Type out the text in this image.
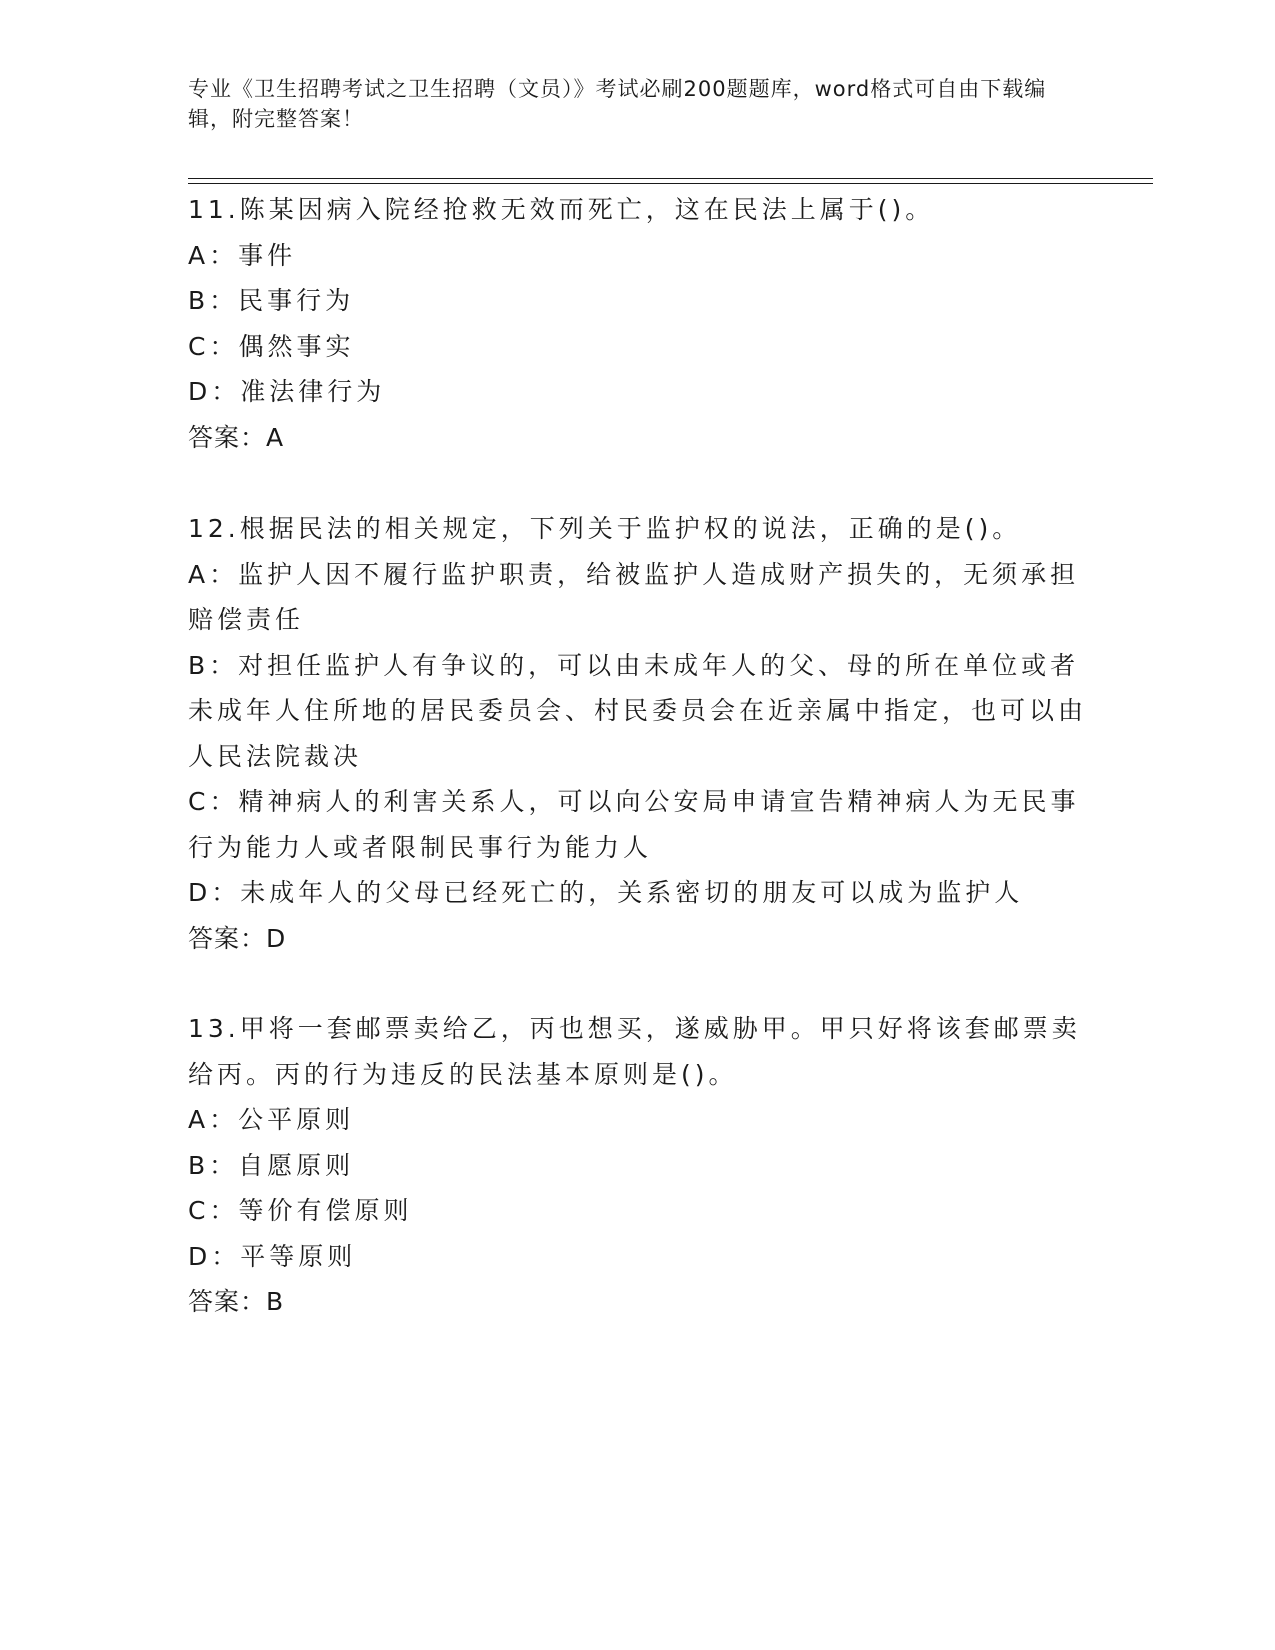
专业《卫生招聘考试之卫生招聘（文员）》考试必刷200题题库，word格式可自由下载编辑，附完整答案！

11.陈某因病入院经抢救无效而死亡，这在民法上属于()。

A：事件

B：民事行为

C：偶然事实

D：准法律行为

答案：A

12.根据民法的相关规定，下列关于监护权的说法，正确的是()。

A：监护人因不履行监护职责，给被监护人造成财产损失的，无须承担赔偿责任

B：对担任监护人有争议的，可以由未成年人的父、母的所在单位或者未成年人住所地的居民委员会、村民委员会在近亲属中指定，也可以由人民法院裁决

C：精神病人的利害关系人，可以向公安局申请宣告精神病人为无民事行为能力人或者限制民事行为能力人

D：未成年人的父母已经死亡的，关系密切的朋友可以成为监护人

答案：D

13.甲将一套邮票卖给乙，丙也想买，遂威胁甲。甲只好将该套邮票卖给丙。丙的行为违反的民法基本原则是()。

A：公平原则

B：自愿原则

C：等价有偿原则

D：平等原则

答案：B
